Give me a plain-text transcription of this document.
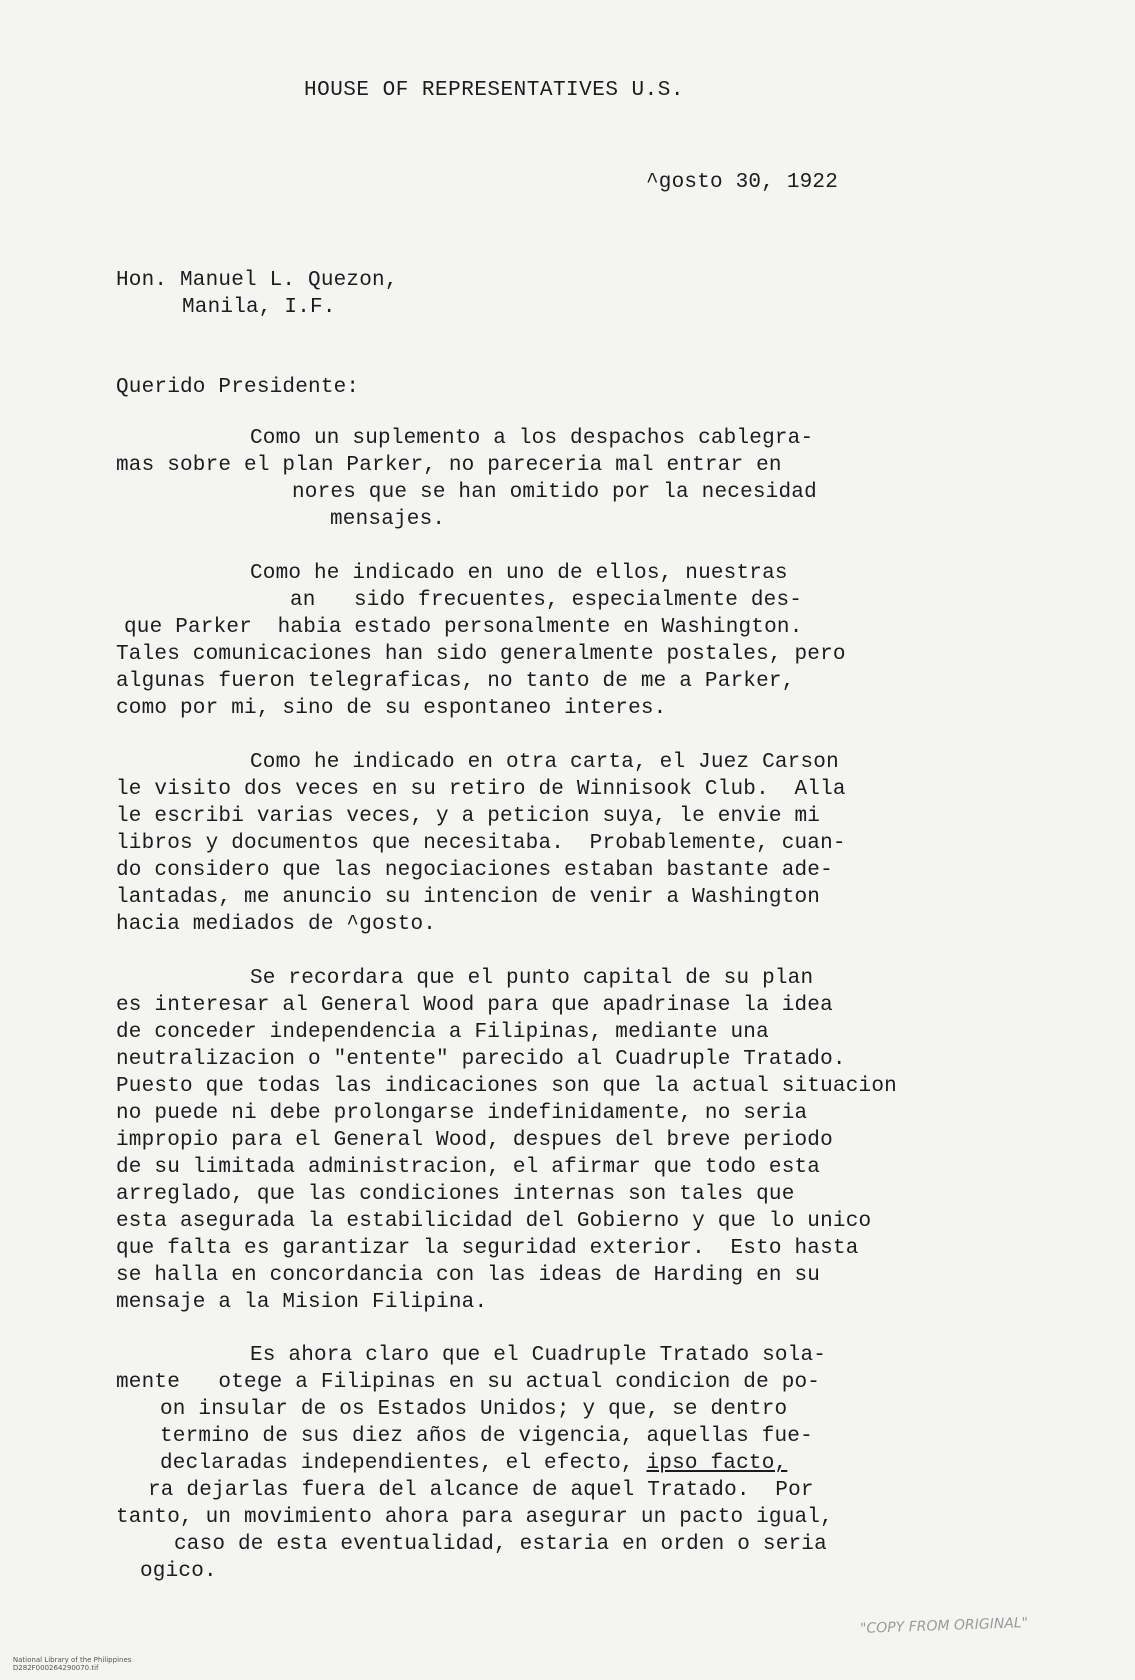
HOUSE OF REPRESENTATIVES U.S.
^gosto 30, 1922
Hon. Manuel L. Quezon,
Manila, I.F.
Querido Presidente:
Como un suplemento a los despachos cablegra-
mas sobre el plan Parker, no pareceria mal entrar en
nores que se han omitido por la necesidad
mensajes.
Como he indicado en uno de ellos, nuestras
an   sido frecuentes, especialmente des-
que Parker  habia estado personalmente en Washington.
Tales comunicaciones han sido generalmente postales, pero
algunas fueron telegraficas, no tanto de me a Parker,
como por mi, sino de su espontaneo interes.
Como he indicado en otra carta, el Juez Carson
le visito dos veces en su retiro de Winnisook Club.  Alla
le escribi varias veces, y a peticion suya, le envie mi
libros y documentos que necesitaba.  Probablemente, cuan-
do considero que las negociaciones estaban bastante ade-
lantadas, me anuncio su intencion de venir a Washington
hacia mediados de ^gosto.
Se recordara que el punto capital de su plan
es interesar al General Wood para que apadrinase la idea
de conceder independencia a Filipinas, mediante una
neutralizacion o "entente" parecido al Cuadruple Tratado.
Puesto que todas las indicaciones son que la actual situacion
no puede ni debe prolongarse indefinidamente, no seria
impropio para el General Wood, despues del breve periodo
de su limitada administracion, el afirmar que todo esta
arreglado, que las condiciones internas son tales que
esta asegurada la estabilicidad del Gobierno y que lo unico
que falta es garantizar la seguridad exterior.  Esto hasta
se halla en concordancia con las ideas de Harding en su
mensaje a la Mision Filipina.
Es ahora claro que el Cuadruple Tratado sola-
mente   otege a Filipinas en su actual condicion de po-
on insular de os Estados Unidos; y que, se dentro
termino de sus diez años de vigencia, aquellas fue-
declaradas independientes, el efecto, ipso facto,
ra dejarlas fuera del alcance de aquel Tratado.  Por
tanto, un movimiento ahora para asegurar un pacto igual,
caso de esta eventualidad, estaria en orden o seria
ogico.
"COPY FROM ORIGINAL"

National Library of the Philippines
D282F000264290070.tif
